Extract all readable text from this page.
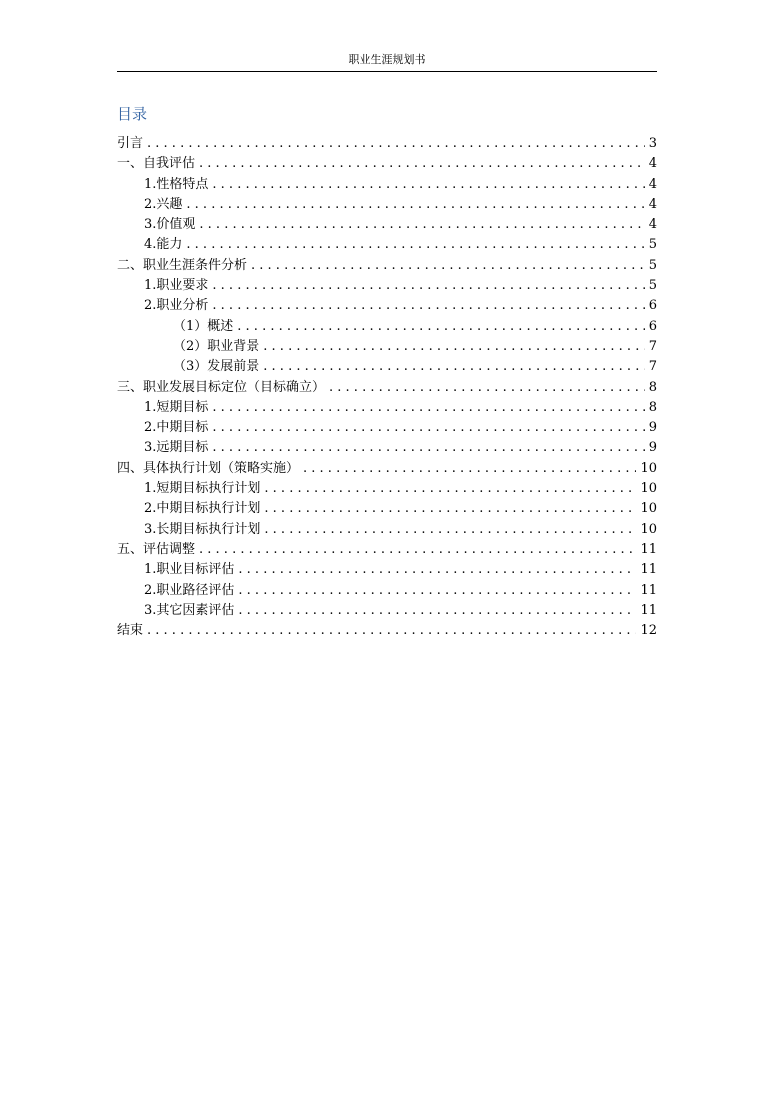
职业生涯规划书
目录
引言 . . .	3
一、自我评估 . . .	4
1.性格特点 . . .	4
2.兴趣 . . .	4
3.价值观 . . .	4
4.能力 . . .	5
二、职业生涯条件分析 . . .	5
1.职业要求 . . .	5
2.职业分析 . . .	6
（1）概述 . . .	6
（2）职业背景 . . .	7
（3）发展前景 . . .	7
三、职业发展目标定位（目标确立） . . .	8
1.短期目标 . . .	8
2.中期目标 . . .	9
3.远期目标 . . .	9
四、具体执行计划（策略实施） . . .	10
1.短期目标执行计划 . . .	10
2.中期目标执行计划 . . .	10
3.长期目标执行计划 . . .	10
五、评估调整 . . .	11
1.职业目标评估 . . .	11
2.职业路径评估 . . .	11
3.其它因素评估 . . .	11
结束 . . .	12
